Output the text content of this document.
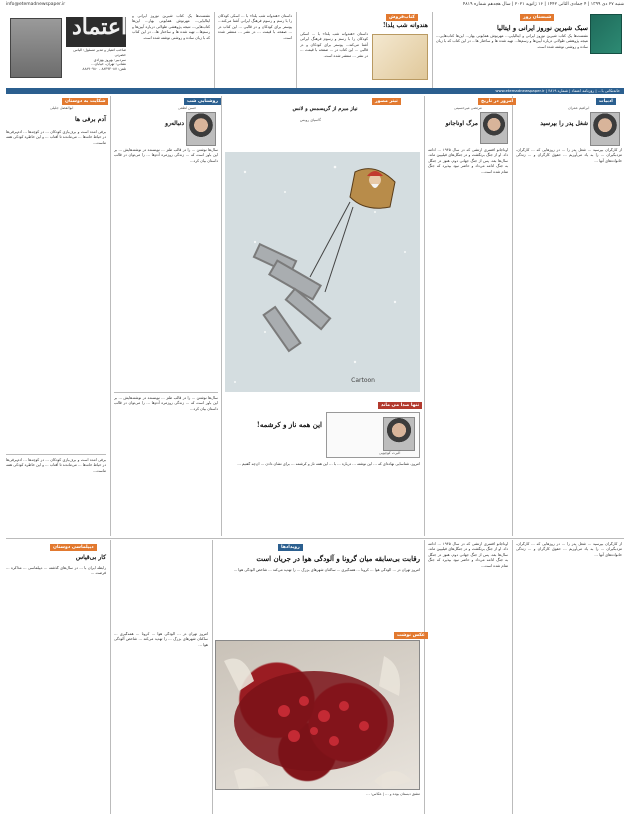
شنبه ۲۷ دی ۱۳۹۹ | ۴ جمادی الثانی ۱۴۴۲ | ۱۶ ژانویه ۲۰۲۱ | سال هجدهم شماره ۴۸۱۹
info@etemadnewspaper.ir
اعتماد
صاحب امتیاز و مدیر مسئول: الیاس حضرتی
سردبیر: بهروز بهزادی
نشانی: تهران، خیابان...
تلفن: ۸۸۳۹۴۰۸۷ - ۸۸۸۹۰۹۸۰
شبستان روز
سبک شیرین نوروز ایرانی و ایتالیا
نشست‌ها یک کتاب شیرین نوروز ایرانی و ایتالیایی... مهرنوش همایونی بهار... این‌ها کتاب‌هایی... نتیجه پژوهشی طولانی درباره آیین‌ها و رسم‌ها... تهیه شده ها و ساختار ها... در این کتاب که با زبان ساده و روشنی نوشته شده است.
کتاب‌فروش
هندوانه شب یلدا!
داستان «هندوانه شب یلدا» با ... اسکی کودکان را با رسم و رسوم فرهنگ ایرانی آشنا می‌کند... پوستر برای کودکان و در قالبی ... این کتاب در ... صفحه با قیمت ... در نشر ... منتشر شده است.
داستان «هندوانه شب یلدا» با ... اسکی کودکان را با رسم و رسوم فرهنگ ایرانی آشنا می‌کند... پوستر برای کودکان و در قالبی ... این کتاب در ... صفحه با قیمت ... در نشر ... منتشر شده است.
نشست‌ها یک کتاب شیرین نوروز ایرانی و ایتالیایی... مهرنوش همایونی بهار... این‌ها کتاب‌هایی... نتیجه پژوهشی طولانی درباره آیین‌ها و رسم‌ها... تهیه شده ها و ساختار ها... در این کتاب که با زبان ساده و روشنی نوشته شده است.
خانه‌تکانی با... | روزنامه اعتماد | شماره ۴۸۱۹ | www.etemadnewspaper.ir
ادبیات
ابراهیم عمران
شغل پدر را بپرسید
از کارگران بپرسید ... شغل پدر را ... در روزهایی که ... کارگران، مزدبگیران ... را به یاد می‌آوریم ... حقوق کارگران و ... زندگی خانواده‌های آنها ...
امروز در تاریخ
مرتضی میرحسینی
مرگ اوناجانو
اوناجانو افسری ارتشی که در سال ۱۹۴۵ ... ادامه داد. او از جنگ برنگشت و در جنگل‌های فیلیپین ماند. سال‌ها بعد، پس از جنگ جهانی دوم، هنوز در جنگل به جنگ ادامه می‌داد و حاضر نبود بپذیرد که جنگ تمام شده است...
تیتر مصور
نیاز مبرم از گریسمس و لانس
گاسپای رویس
Cartoon
روشنایی شب
حسن لطفی
دنباله‌رو
سال‌ها نوشتن ... را در قالب طنز ... نویسنده در نوشته‌هایش ... بر این باور است که ... زندگی روزمره آدم‌ها ... را می‌توان در قالب داستان بیان کرد...
شکایت به دوستان
ابوالفضل جلیلی
آدم برفی ها
برفی آمده است و برف‌بازی کودکان ... در کوچه‌ها ... آدم‌برفی‌ها در حیاط خانه‌ها ... می‌ماندند تا آفتاب ... و این خاطره کودکی همه ماست...
سال‌ها نوشتن ... را در قالب طنز ... نویسنده در نوشته‌هایش ... بر این باور است که ... زندگی روزمره آدم‌ها ... را می‌توان در قالب داستان بیان کرد...
تنها صدا می ماند
آلبرت کوچویی
این همه ناز و کرشمه!
امروز، شناسایی نهاده‌ای که ... این نوشته ... درباره ... با ... این همه ناز و کرشمه ... برای نشان دادن ... آن‌چه گفتیم ...
از کارگران بپرسید ... شغل پدر را ... در روزهایی که ... کارگران، مزدبگیران ... را به یاد می‌آوریم ... حقوق کارگران و ... زندگی خانواده‌های آنها ...
اوناجانو افسری ارتشی که در سال ۱۹۴۵ ... ادامه داد. او از جنگ برنگشت و در جنگل‌های فیلیپین ماند. سال‌ها بعد، پس از جنگ جهانی دوم، هنوز در جنگل به جنگ ادامه می‌داد و حاضر نبود بپذیرد که جنگ تمام شده است...
عکس نوشت
مشق دبستان بوده و ... | عکاس: ...
رویدادها
رقابت بی‌سابقه میان گرونا و آلودگی هوا در جریان است
امروز تهران در ... آلودگی هوا ... کرونا ... همه‌گیری ... ساکنان شهرهای بزرگ ... را تهدید می‌کند ... شاخص آلودگی هوا ...
امروز تهران در ... آلودگی هوا ... کرونا ... همه‌گیری ... ساکنان شهرهای بزرگ ... را تهدید می‌کند ... شاخص آلودگی هوا ...
دیپلماسی دوستان
کار بی‌قیاس
رابطه ایران با ... در سال‌های گذشته ... دیپلماسی ... مذاکره ... فرصت ...
برفی آمده است و برف‌بازی کودکان ... در کوچه‌ها ... آدم‌برفی‌ها در حیاط خانه‌ها ... می‌ماندند تا آفتاب ... و این خاطره کودکی همه ماست...
